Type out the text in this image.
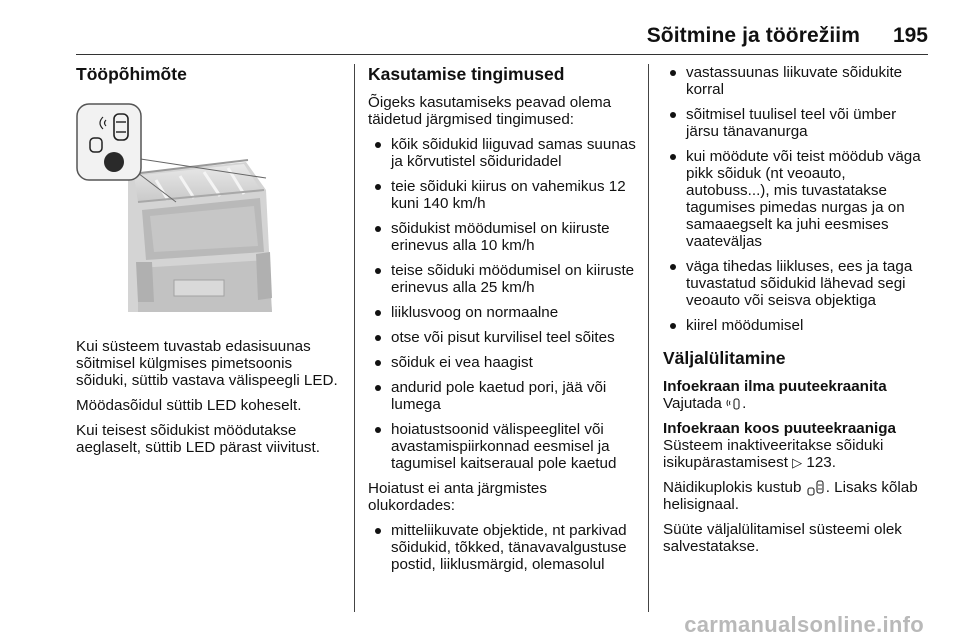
Sõitmine ja töörežiim 195
Tööpõhimõte

Kui süsteem tuvastab edasisuunas sõitmisel külgmises pimetsoonis sõiduki, süttib vastava välispeegli LED.

Möödasõidul süttib LED koheselt.

Kui teisest sõidukist möödutakse aeglaselt, süttib LED pärast viivitust.

Kasutamise tingimused

Õigeks kasutamiseks peavad olema täidetud järgmised tingimused:

kõik sõidukid liiguvad samas suunas ja kõrvutistel sõiduridadel
teie sõiduki kiirus on vahemikus 12 kuni 140 km/h
sõidukist möödumisel on kiiruste erinevus alla 10 km/h
teise sõiduki möödumisel on kiiruste erinevus alla 25 km/h
liiklusvoog on normaalne
otse või pisut kurvilisel teel sõites
sõiduk ei vea haagist
andurid pole kaetud pori, jää või lumega
hoiatustsoonid välispeeglitel või avastamispiirkonnad eesmisel ja tagumisel kaitseraual pole kaetud

Hoiatust ei anta järgmistes olukordades:

mitteliikuvate objektide, nt parkivad sõidukid, tõkked, tänavavalgustuse postid, liiklusmärgid, olemasolul
vastassuunas liikuvate sõidukite korral
sõitmisel tuulisel teel või ümber järsu tänavanurga
kui möödute või teist möödub väga pikk sõiduk (nt veoauto, autobuss...), mis tuvastatakse tagumises pimedas nurgas ja on samaaegselt ka juhi eesmises vaateväljas
väga tihedas liikluses, ees ja taga tuvastatud sõidukid lähevad segi veoauto või seisva objektiga
kiirel möödumisel
Väljalülitamine
Infoekraan ilma puuteekraanita

Vajutada .

Infoekraan koos puuteekraaniga

Süsteem inaktiveeritakse sõiduki isikupärastamisest ▷ 123.

Näidikuplokis kustub . Lisaks kõlab helisignaal.

Süüte väljalülitamisel süsteemi olek salvestatakse.

carmanualsonline.info
